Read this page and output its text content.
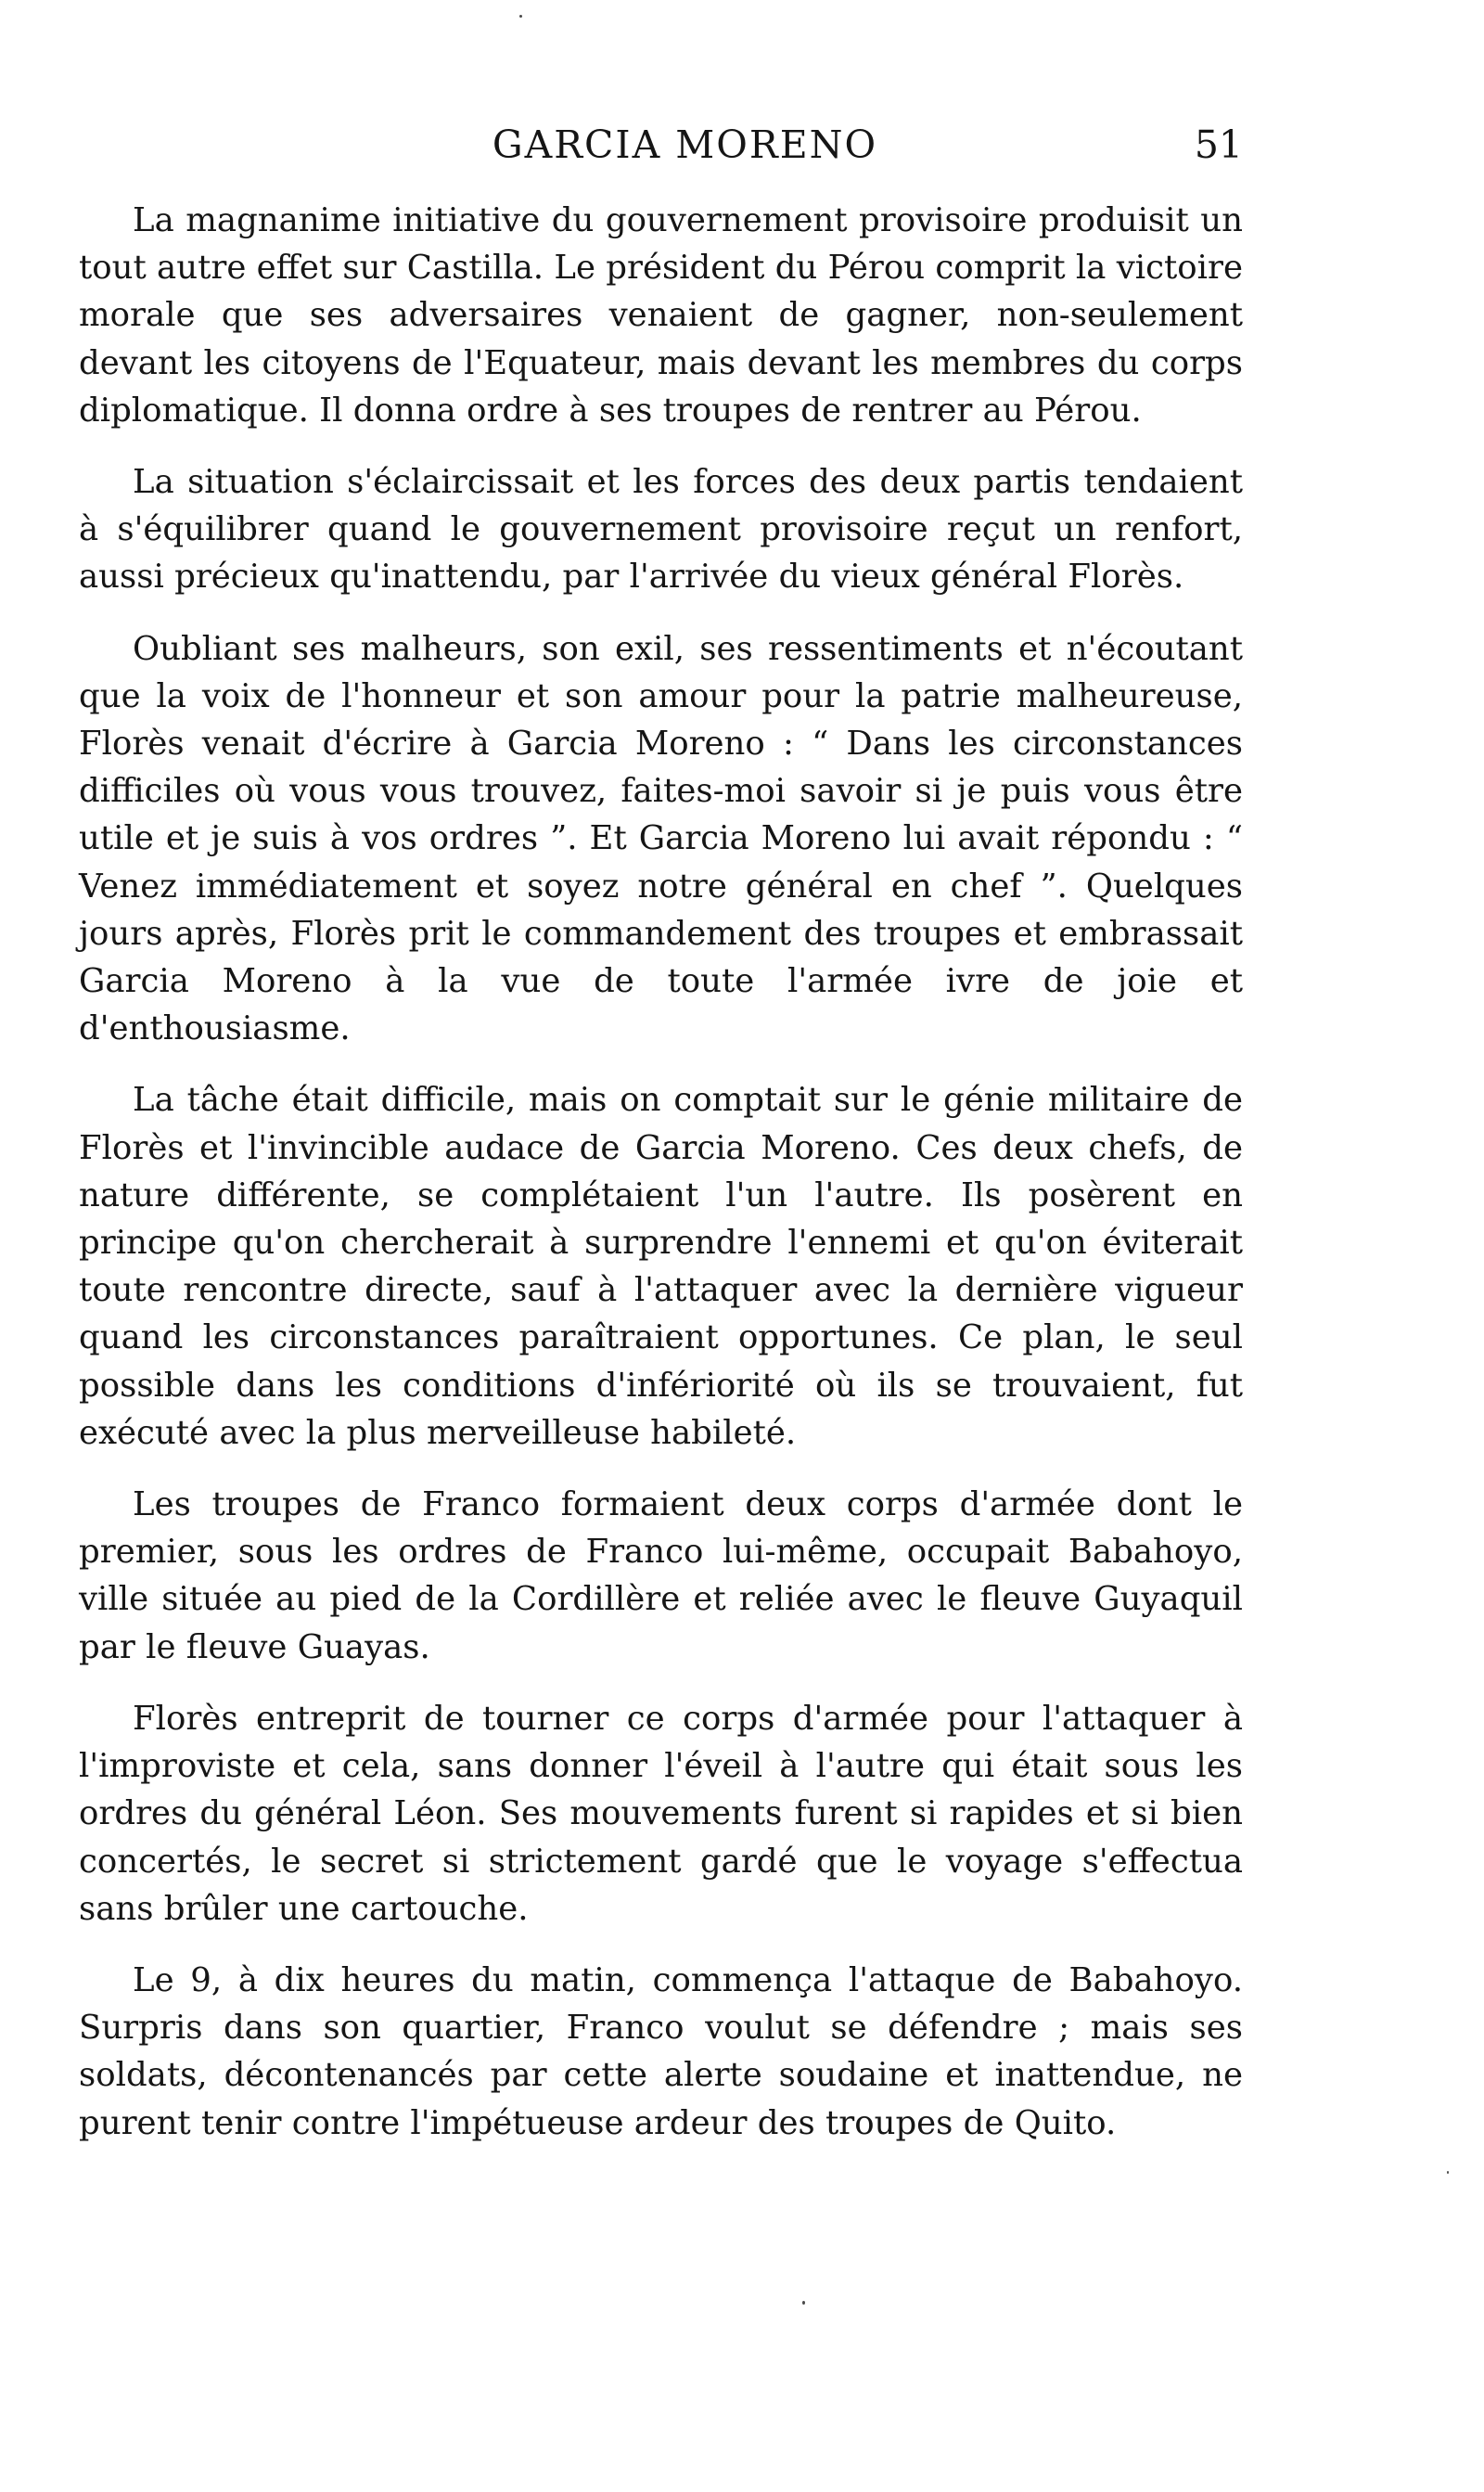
GARCIA MORENO	51

La magnanime initiative du gouvernement provisoire produisit un tout autre effet sur Castilla. Le président du Pérou comprit la victoire morale que ses adversaires venaient de gagner, non-seulement devant les citoyens de l'Equateur, mais devant les membres du corps diplomatique. Il donna ordre à ses troupes de rentrer au Pérou.

La situation s'éclaircissait et les forces des deux partis tendaient à s'équilibrer quand le gouvernement provisoire reçut un renfort, aussi précieux qu'inattendu, par l'arrivée du vieux général Florès.

Oubliant ses malheurs, son exil, ses ressentiments et n'écoutant que la voix de l'honneur et son amour pour la patrie malheureuse, Florès venait d'écrire à Garcia Moreno : “ Dans les circonstances difficiles où vous vous trouvez, faites-moi savoir si je puis vous être utile et je suis à vos ordres ”. Et Garcia Moreno lui avait répondu : “ Venez immédiatement et soyez notre général en chef ”. Quelques jours après, Florès prit le commandement des troupes et embrassait Garcia Moreno à la vue de toute l'armée ivre de joie et d'enthousiasme.

La tâche était difficile, mais on comptait sur le génie militaire de Florès et l'invincible audace de Garcia Moreno. Ces deux chefs, de nature différente, se complétaient l'un l'autre. Ils posèrent en principe qu'on chercherait à surprendre l'ennemi et qu'on éviterait toute rencontre directe, sauf à l'attaquer avec la dernière vigueur quand les circonstances paraîtraient opportunes. Ce plan, le seul possible dans les conditions d'infériorité où ils se trouvaient, fut exécuté avec la plus merveilleuse habileté.

Les troupes de Franco formaient deux corps d'armée dont le premier, sous les ordres de Franco lui-même, occupait Babahoyo, ville située au pied de la Cordillère et reliée avec le fleuve Guyaquil par le fleuve Guayas.

Florès entreprit de tourner ce corps d'armée pour l'attaquer à l'improviste et cela, sans donner l'éveil à l'autre qui était sous les ordres du général Léon. Ses mouvements furent si rapides et si bien concertés, le secret si strictement gardé que le voyage s'effectua sans brûler une cartouche.

Le 9, à dix heures du matin, commença l'attaque de Babahoyo. Surpris dans son quartier, Franco voulut se défendre ; mais ses soldats, décontenancés par cette alerte soudaine et inattendue, ne purent tenir contre l'impétueuse ardeur des troupes de Quito.
